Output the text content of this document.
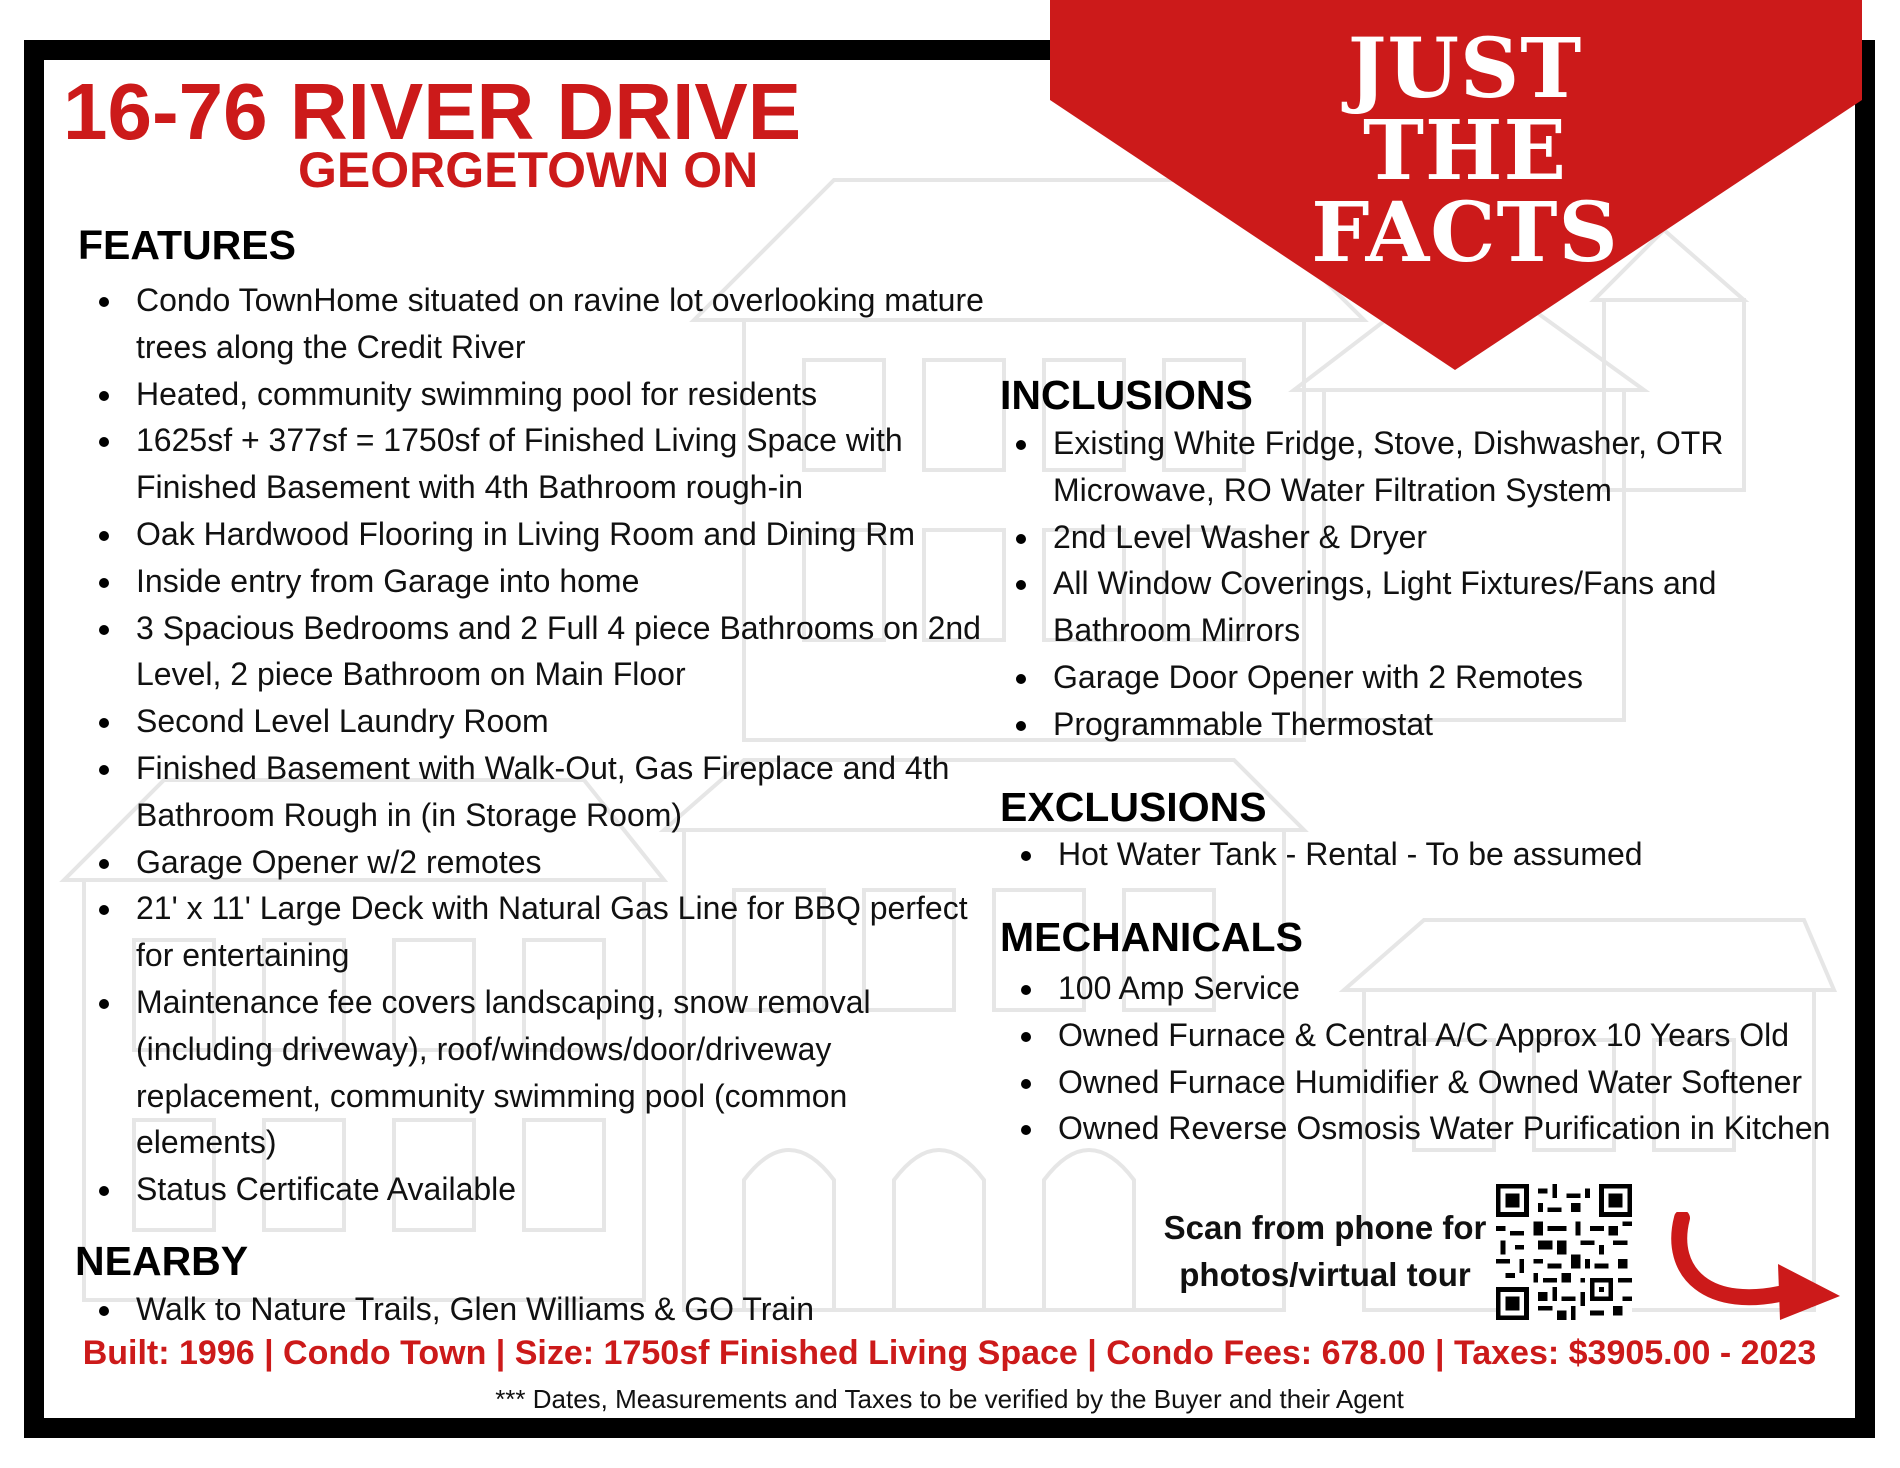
JUST
THE
FACTS
16-76 RIVER DRIVE
GEORGETOWN ON
FEATURES
Condo TownHome situated on ravine lot overlooking mature trees along the Credit River
Heated, community swimming pool for residents
1625sf + 377sf = 1750sf of Finished Living Space with Finished Basement with 4th Bathroom rough-in
Oak Hardwood Flooring in Living Room and Dining Rm
Inside entry from Garage into home
3 Spacious Bedrooms and 2 Full 4 piece Bathrooms on 2nd Level, 2 piece Bathroom on Main Floor
Second Level Laundry Room
Finished Basement with Walk-Out, Gas Fireplace and 4th Bathroom Rough in (in Storage Room)
Garage Opener w/2 remotes
21' x 11' Large Deck with Natural Gas Line for BBQ perfect for entertaining
Maintenance fee covers landscaping, snow removal (including driveway), roof/windows/door/driveway replacement, community swimming pool (common elements)
Status Certificate Available
NEARBY
Walk to Nature Trails, Glen Williams & GO Train
INCLUSIONS
Existing White Fridge, Stove, Dishwasher, OTR Microwave, RO Water Filtration System
2nd Level Washer & Dryer
All Window Coverings, Light Fixtures/Fans and Bathroom Mirrors
Garage Door Opener with 2 Remotes
Programmable Thermostat
EXCLUSIONS
Hot Water Tank - Rental - To be assumed
MECHANICALS
100 Amp Service
Owned Furnace & Central A/C Approx 10 Years Old
Owned Furnace Humidifier & Owned Water Softener
Owned Reverse Osmosis Water Purification in Kitchen
Scan from phone for
photos/virtual tour
Built: 1996 | Condo Town | Size: 1750sf Finished Living Space | Condo Fees: 678.00 | Taxes: $3905.00 - 2023
*** Dates, Measurements and Taxes to be verified by the Buyer and their Agent
